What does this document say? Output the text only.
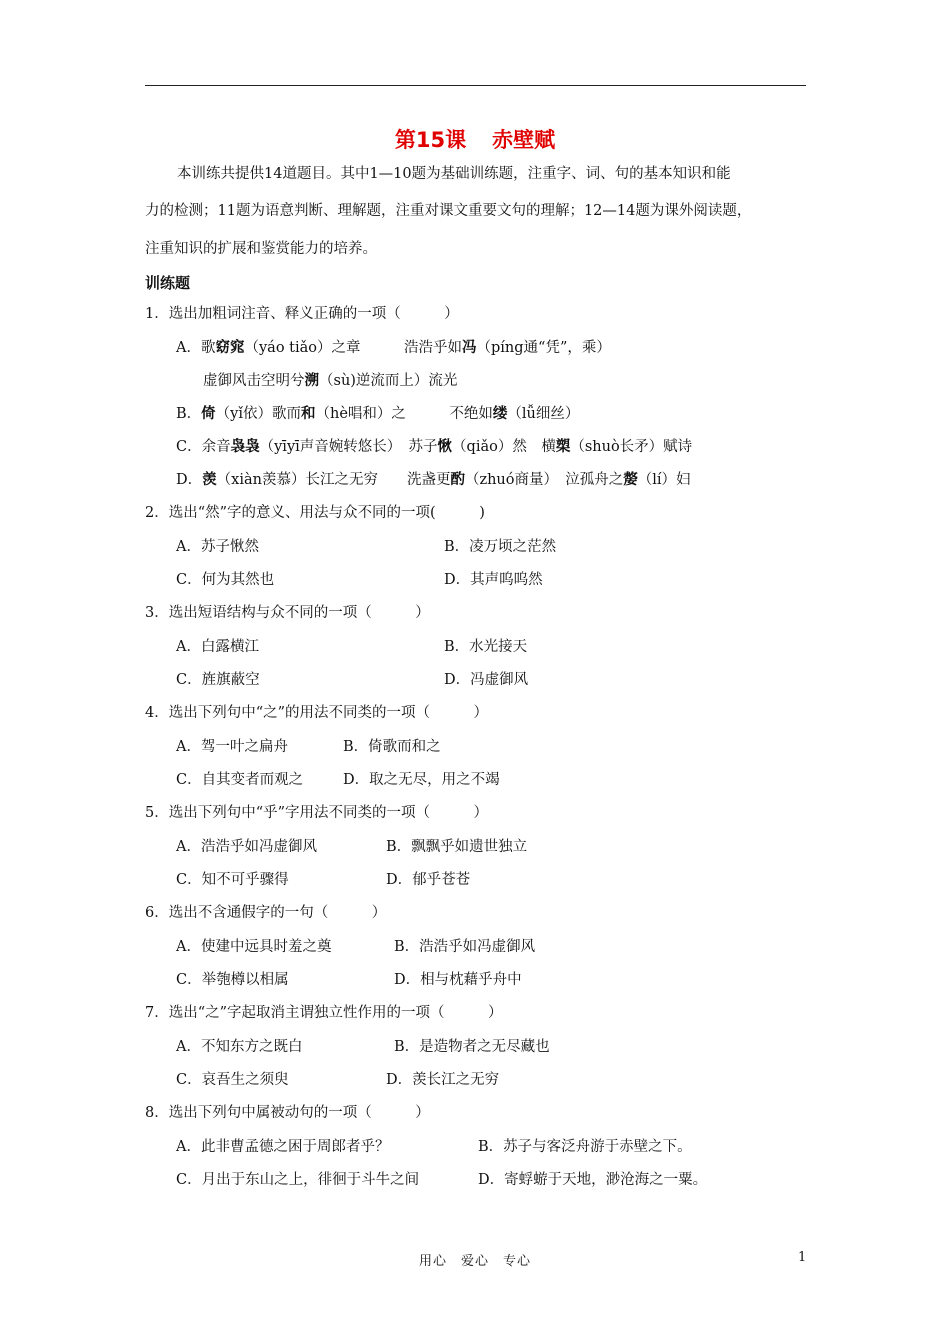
第15课 赤壁赋
本训练共提供14道题目。其中1—10题为基础训练题，注重字、词、句的基本知识和能
力的检测；11题为语意判断、理解题，注重对课文重要文句的理解；12—14题为课外阅读题，
注重知识的扩展和鉴赏能力的培养。
训练题
1．选出加粗词注音、释义正确的一项（　　　）
A．歌窈窕（yáo tiǎo）之章　　　浩浩乎如冯（píng通“凭”，乘）
虚御风击空明兮溯（sù)逆流而上）流光
B．倚（yǐ依）歌而和（hè唱和）之　　　不绝如缕（lǚ细丝）
C．余音袅袅（yīyī声音婉转悠长）　苏子愀（qiǎo）然　横槊（shuò长矛）赋诗
D．羡（xiàn羡慕）长江之无穷　　洗盏更酌（zhuó商量）　泣孤舟之嫠（lí）妇
2．选出“然”字的意义、用法与众不同的一项(　　　)
A．苏子愀然	B．凌万顷之茫然
C．何为其然也	D．其声呜呜然
3．选出短语结构与众不同的一项（　　　）
A．白露横江	B．水光接天
C．旌旗蔽空	D．冯虚御风
4．选出下列句中“之”的用法不同类的一项（　　　）
A．驾一叶之扁舟	B．倚歌而和之
C．自其变者而观之	D．取之无尽，用之不竭
5．选出下列句中“乎”字用法不同类的一项（　　　）
A．浩浩乎如冯虚御风	B．飘飘乎如遗世独立
C．知不可乎骤得	D．郁乎苍苍
6．选出不含通假字的一句（　　　）
A．使建中远具时羞之奠	B．浩浩乎如冯虚御风
C．举匏樽以相属	D．相与枕藉乎舟中
7．选出“之”字起取消主谓独立性作用的一项（　　　）
A．不知东方之既白	B．是造物者之无尽藏也
C．哀吾生之须臾	D．羡长江之无穷
8．选出下列句中属被动句的一项（　　　）
A．此非曹孟德之困于周郎者乎？	B．苏子与客泛舟游于赤壁之下。
C．月出于东山之上，徘徊于斗牛之间	D．寄蜉蝣于天地，渺沧海之一粟。
用心　爱心　专心	1
